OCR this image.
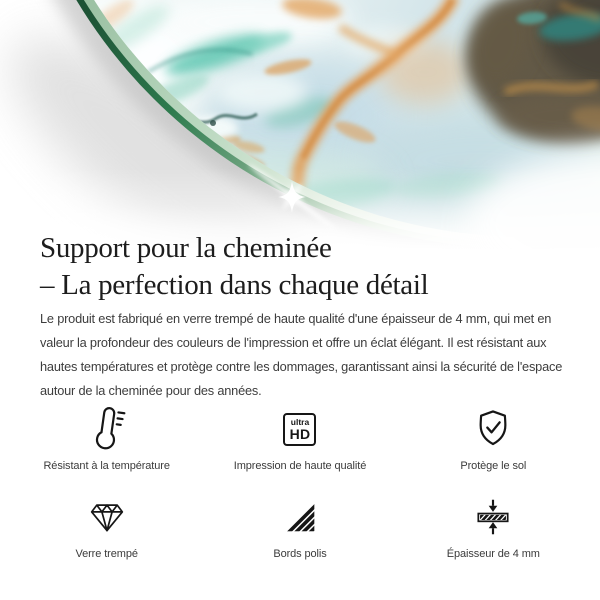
Support pour la cheminée
– La perfection dans chaque détail
Le produit est fabriqué en verre trempé de haute qualité d'une épaisseur de 4 mm, qui met en
valeur la profondeur des couleurs de l'impression et offre un éclat élégant. Il est résistant aux
hautes températures et protège contre les dommages, garantissant ainsi la sécurité de l'espace
autour de la cheminée pour des années.
Résistant à la température
ultra
HD
Impression de haute qualité	Protège le sol
Verre trempé	Bords polis	Épaisseur de 4 mm
